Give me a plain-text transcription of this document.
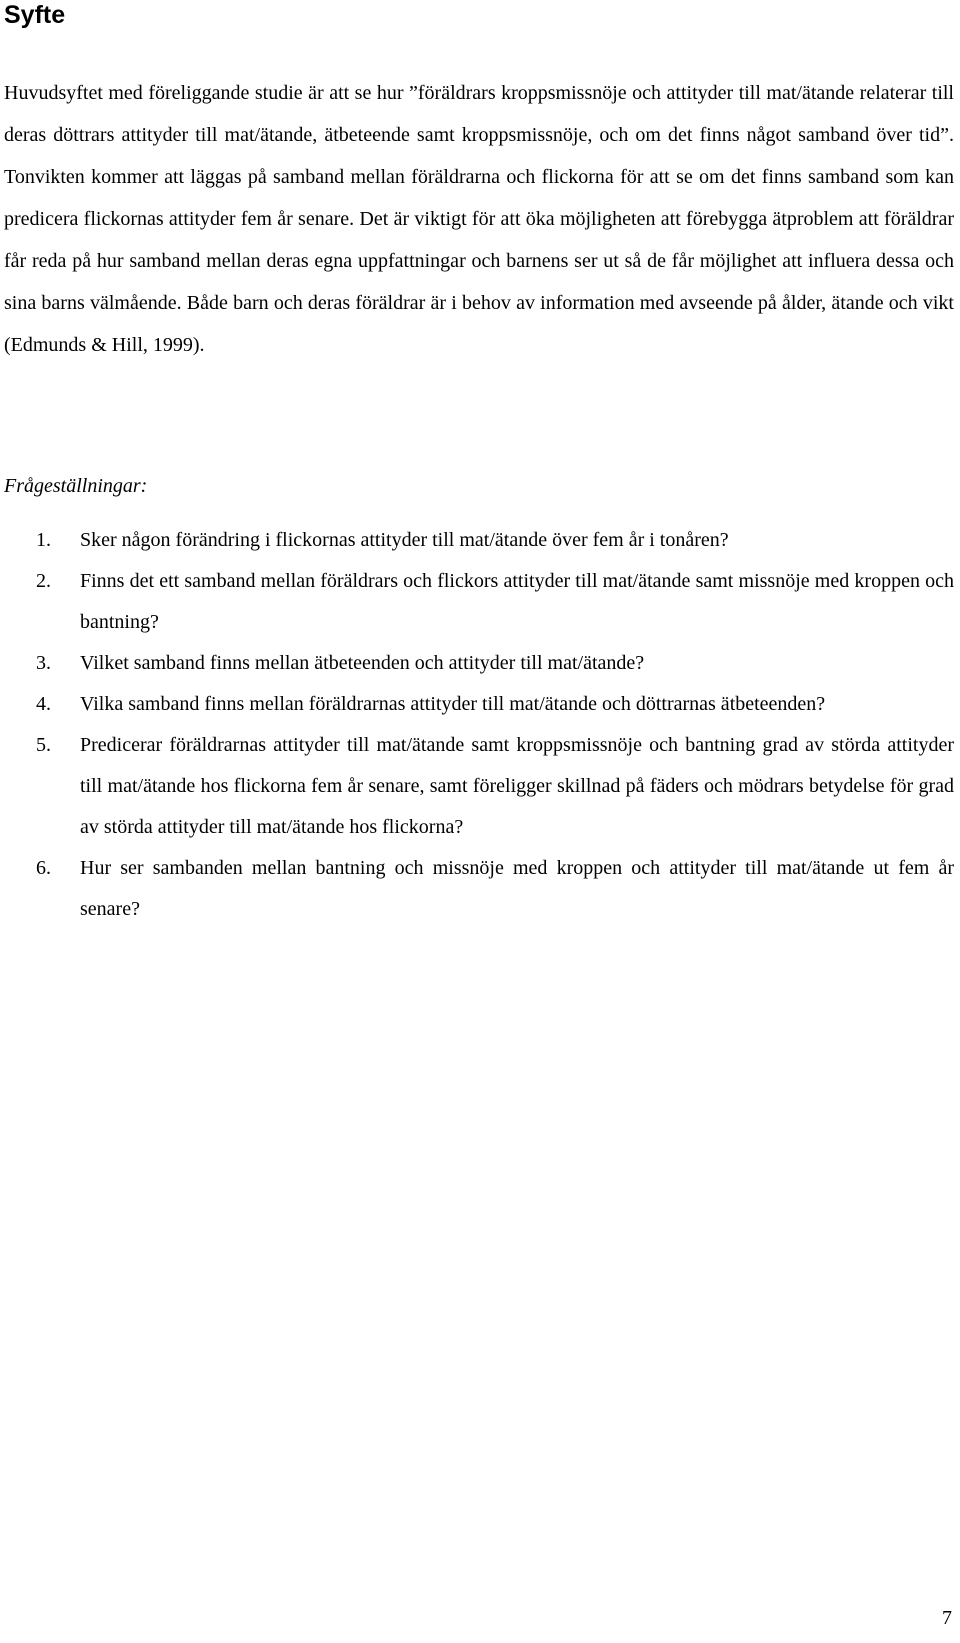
Syfte

Huvudsyftet med föreliggande studie är att se hur ”föräldrars kroppsmissnöje och attityder till mat/ätande relaterar till deras döttrars attityder till mat/ätande, ätbeteende samt kroppsmissnöje, och om det finns något samband över tid”. Tonvikten kommer att läggas på samband mellan föräldrarna och flickorna för att se om det finns samband som kan predicera flickornas attityder fem år senare. Det är viktigt för att öka möjligheten att förebygga ätproblem att föräldrar får reda på hur samband mellan deras egna uppfattningar och barnens ser ut så de får möjlighet att influera dessa och sina barns välmående. Både barn och deras föräldrar är i behov av information med avseende på ålder, ätande och vikt (Edmunds & Hill, 1999).

Frågeställningar:

1.	Sker någon förändring i flickornas attityder till mat/ätande över fem år i tonåren?
2.	Finns det ett samband mellan föräldrars och flickors attityder till mat/ätande samt missnöje med kroppen och bantning?
3.	Vilket samband finns mellan ätbeteenden och attityder till mat/ätande?
4.	Vilka samband finns mellan föräldrarnas attityder till mat/ätande och döttrarnas ätbeteenden?
5.	Predicerar föräldrarnas attityder till mat/ätande samt kroppsmissnöje och bantning grad av störda attityder till mat/ätande hos flickorna fem år senare, samt föreligger skillnad på fäders och mödrars betydelse för grad av störda attityder till mat/ätande hos flickorna?
6.	Hur ser sambanden mellan bantning och missnöje med kroppen och attityder till mat/ätande ut fem år senare?
7
